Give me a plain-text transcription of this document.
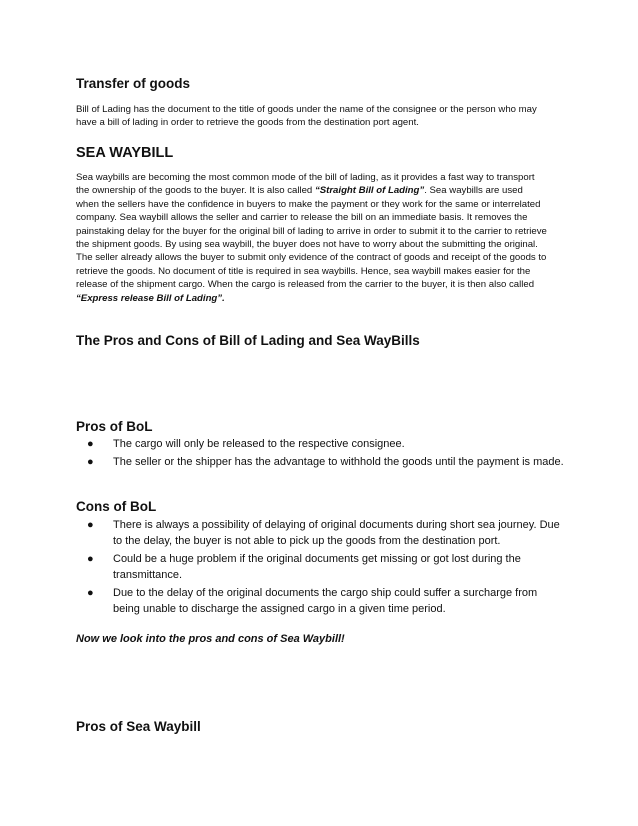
Transfer of goods
Bill of Lading has the document to the title of goods under the name of the consignee or the person who may
have a bill of lading in order to retrieve the goods from the destination port agent.
SEA WAYBILL
Sea waybills are becoming the most common mode of the bill of lading, as it provides a fast way to transport
the ownership of the goods to the buyer. It is also called “Straight Bill of Lading”. Sea waybills are used
when the sellers have the confidence in buyers to make the payment or they work for the same or interrelated
company. Sea waybill allows the seller and carrier to release the bill on an immediate basis. It removes the
painstaking delay for the buyer for the original bill of lading to arrive in order to submit it to the carrier to retrieve
the shipment goods. By using sea waybill, the buyer does not have to worry about the submitting the original.
The seller already allows the buyer to submit only evidence of the contract of goods and receipt of the goods to
retrieve the goods. No document of title is required in sea waybills. Hence, sea waybill makes easier for the
release of the shipment cargo. When the cargo is released from the carrier to the buyer, it is then also called
“Express release Bill of Lading”.
The Pros and Cons of Bill of Lading and Sea WayBills
Pros of BoL
● The cargo will only be released to the respective consignee.
● The seller or the shipper has the advantage to withhold the goods until the payment is made.
Cons of BoL
● There is always a possibility of delaying of original documents during short sea journey. Due
to the delay, the buyer is not able to pick up the goods from the destination port.
● Could be a huge problem if the original documents get missing or got lost during the
transmittance.
● Due to the delay of the original documents the cargo ship could suffer a surcharge from
being unable to discharge the assigned cargo in a given time period.
Now we look into the pros and cons of Sea Waybill!
Pros of Sea Waybill
